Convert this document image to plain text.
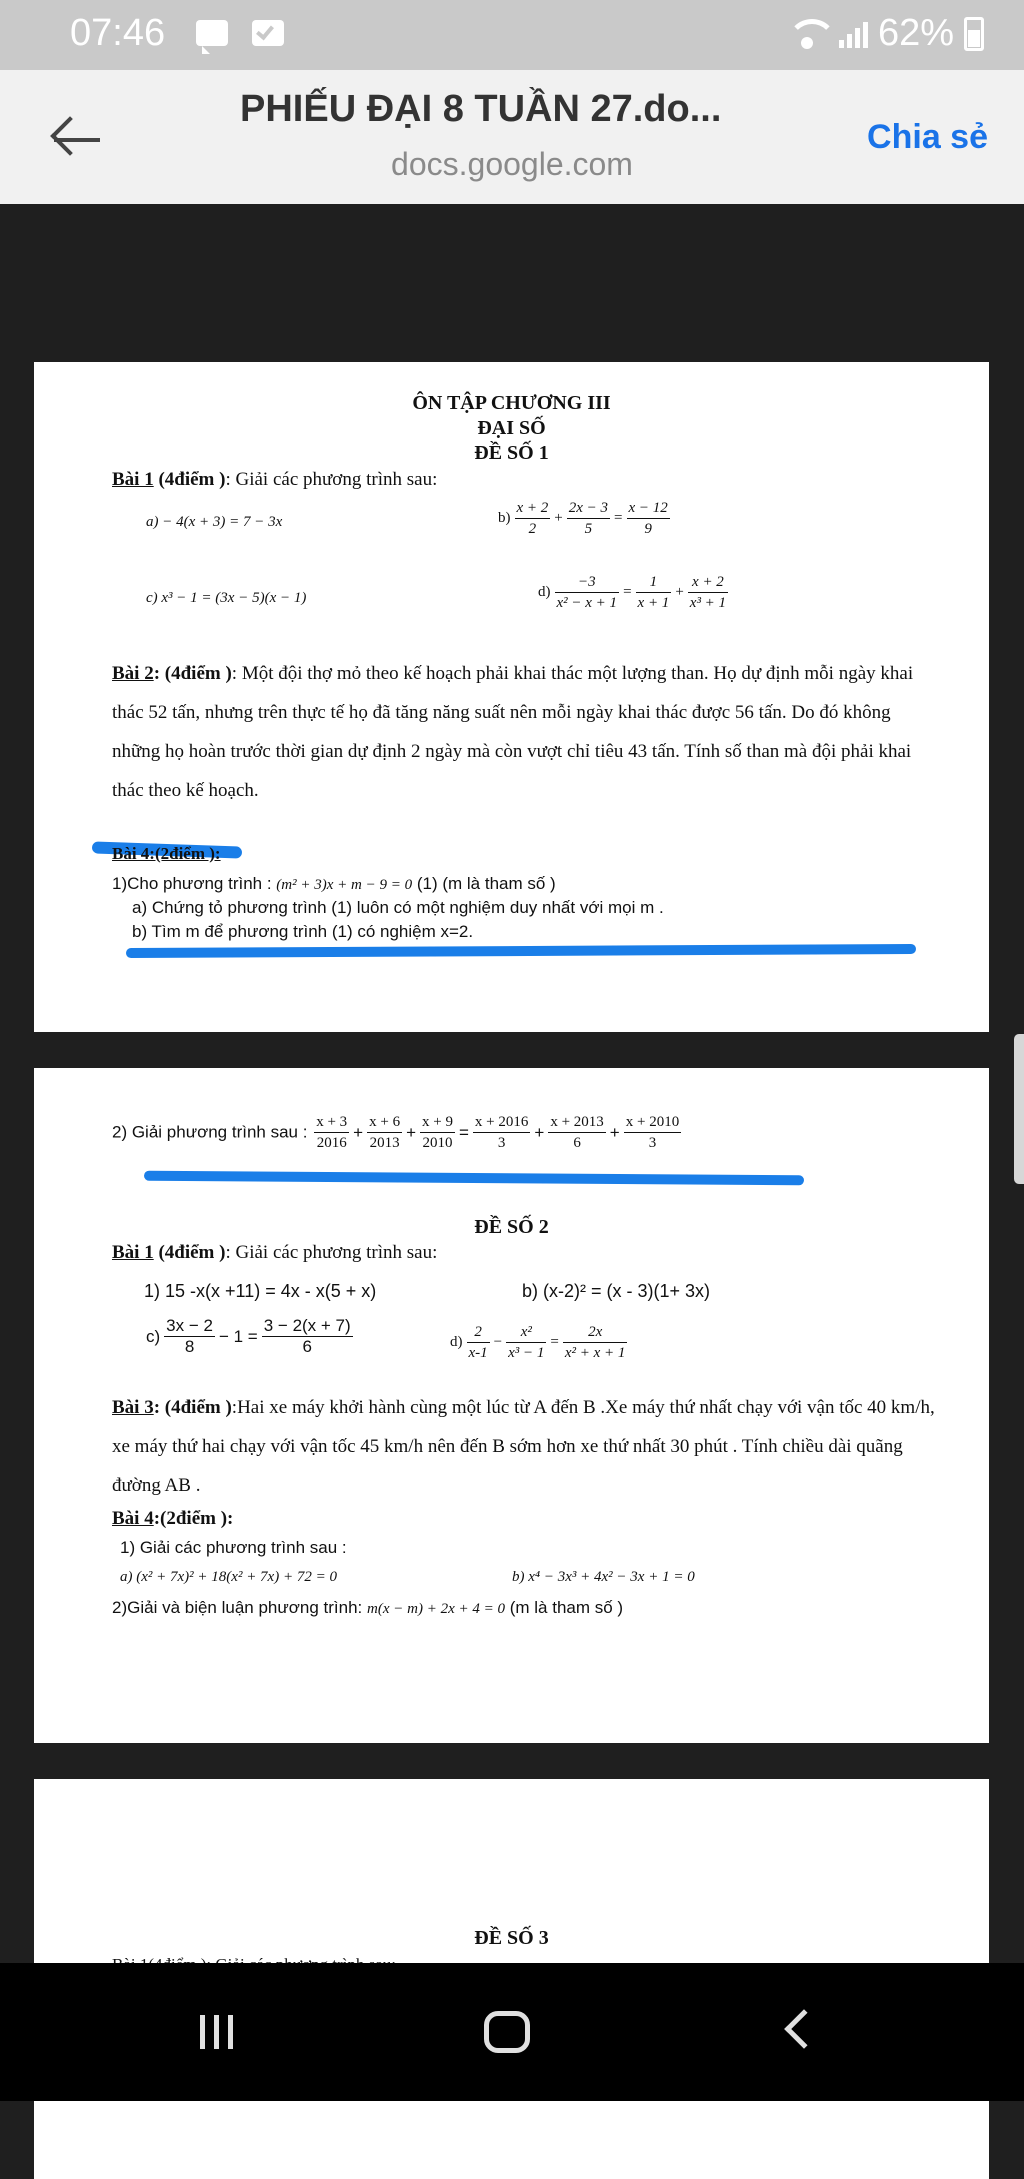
07:46	62%
PHIẾU ĐẠI 8 TUẦN 27.do...
docs.google.com
Chia sẻ
ÔN TẬP CHƯƠNG III
ĐẠI SỐ
ĐỀ SỐ 1
Bài 1 (4điểm ): Giải các phương trình sau:
a) − 4(x + 3) = 7 − 3x	$b) \frac{x + 2}{2} + \frac{2x - 3}{5} = \frac{x - 12}{9}$
c) x³ − 1 = (3x − 5)(x − 1)	$d) \frac{-3}{\text{x² − x + 1}} = \frac{1}{x + 1} + \frac{x + 2}{\text{x³ + 1}}$
Bài 2: (4điểm ): Một đội thợ mỏ theo kế hoạch phải khai thác một lượng than. Họ dự định mỗi ngày khai thác 52 tấn, nhưng trên thực tế họ đã tăng năng suất nên mỗi ngày khai thác được 56 tấn. Do đó không những họ hoàn trước thời gian dự định 2 ngày mà còn vượt chỉ tiêu 43 tấn. Tính số than mà đội phải khai thác theo kế hoạch.
Bài 4:(2điểm ):
1)Cho phương trình : (m² + 3)x + m − 9 = 0 (1) (m là tham số )
a) Chứng tỏ phương trình (1) luôn có một nghiệm duy nhất với mọi m .
b) Tìm m để phương trình (1) có nghiệm x=2.
2) Giải phương trình sau : $\frac{x + 3}{2016} + \frac{x + 6}{2013} + \frac{x + 9}{2010} = \frac{x + 2016}{3} + \frac{x + 2013}{6} + \frac{x + 2010}{3}$
ĐỀ SỐ 2
Bài 1 (4điểm ): Giải các phương trình sau:
1) 15 -x(x +11) = 4x - x(5 + x)	b) (x-2)² = (x - 3)(1+ 3x)
$c) \frac{3x - 2}{8} - 1 = \frac{3 - 2(x + 7)}{6}$	$d) \frac{2}{x-1} - \frac{\text{x²}}{\text{x³ − 1}} = \frac{2x}{\text{x² + x + 1}}$
Bài 3: (4điểm ):Hai xe máy khởi hành cùng một lúc từ A đến B .Xe máy thứ nhất chạy với vận tốc 40 km/h, xe máy thứ hai chạy với vận tốc 45 km/h nên đến B sớm hơn xe thứ nhất 30 phút . Tính chiều dài quãng đường AB .
Bài 4:(2điểm ):
1) Giải các phương trình sau :
a) (x² + 7x)² + 18(x² + 7x) + 72 = 0	b) x⁴ − 3x³ + 4x² − 3x + 1 = 0
2)Giải và biện luận phương trình: m(x − m) + 2x + 4 = 0 (m là tham số )
ĐỀ SỐ 3
